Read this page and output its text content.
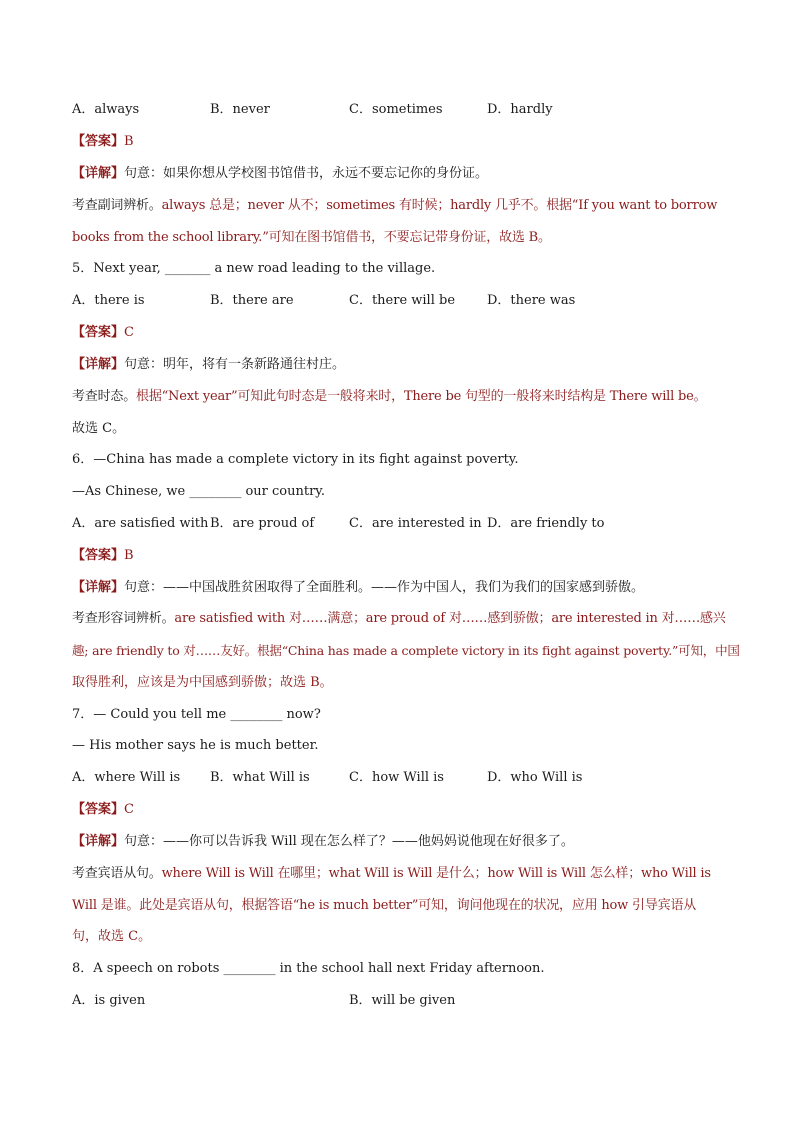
A．always	B．never	C．sometimes	D．hardly
【答案】B
【详解】句意：如果你想从学校图书馆借书，永远不要忘记你的身份证。
考查副词辨析。always 总是；never 从不；sometimes 有时候；hardly 几乎不。根据“If you want to borrow
books from the school library.”可知在图书馆借书，不要忘记带身份证，故选 B。
5．Next year, _______ a new road leading to the village.
A．there is	B．there are	C．there will be D．there was
【答案】C
【详解】句意：明年，将有一条新路通往村庄。
考查时态。根据“Next year”可知此句时态是一般将来时，There be 句型的一般将来时结构是 There will be。
故选 C。
6．—China has made a complete victory in its fight against poverty.
—As Chinese, we ________ our country.
A．are satisfied with B．are proud of	C．are interested in D．are friendly to
【答案】B
【详解】句意：——中国战胜贫困取得了全面胜利。——作为中国人，我们为我们的国家感到骄傲。
考查形容词辨析。are satisfied with 对……满意；are proud of 对……感到骄傲；are interested in 对……感兴
趣; are friendly to 对……友好。根据“China has made a complete victory in its fight against poverty.”可知，中国
取得胜利，应该是为中国感到骄傲；故选 B。
7．— Could you tell me ________ now?
— His mother says he is much better.
A．where Will is B．what Will is	C．how Will is	D．who Will is
【答案】C
【详解】句意：——你可以告诉我 Will 现在怎么样了？——他妈妈说他现在好很多了。
考查宾语从句。where Will is Will 在哪里；what Will is Will 是什么；how Will is Will 怎么样；who Will is
Will 是谁。此处是宾语从句，根据答语“he is much better”可知，询问他现在的状况，应用 how 引导宾语从
句，故选 C。
8．A speech on robots ________ in the school hall next Friday afternoon.
A．is given	B．will be given
